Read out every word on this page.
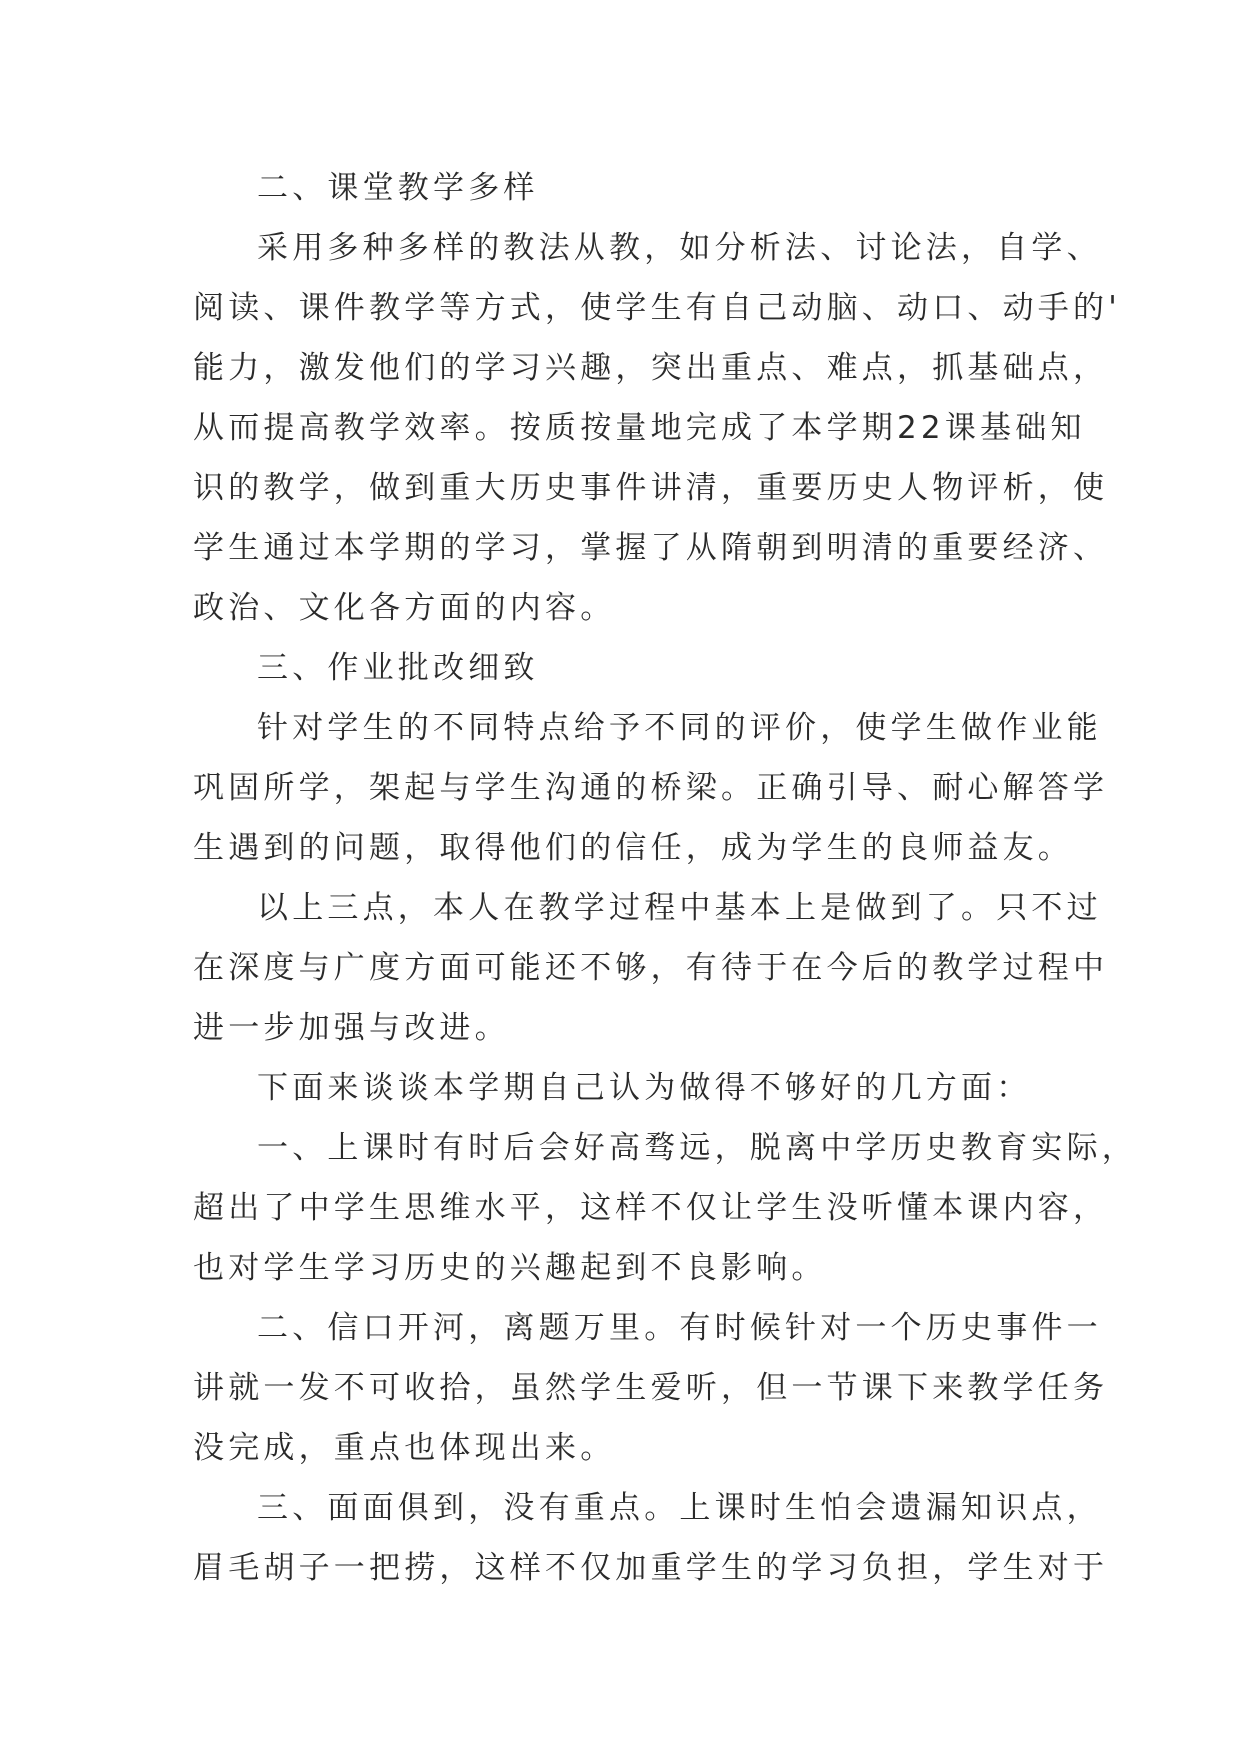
二、课堂教学多样
采用多种多样的教法从教，如分析法、讨论法，自学、
阅读、课件教学等方式，使学生有自己动脑、动口、动手的'
能力，激发他们的学习兴趣，突出重点、难点，抓基础点，
从而提高教学效率。按质按量地完成了本学期22课基础知
识的教学，做到重大历史事件讲清，重要历史人物评析，使
学生通过本学期的学习，掌握了从隋朝到明清的重要经济、
政治、文化各方面的内容。
三、作业批改细致
针对学生的不同特点给予不同的评价，使学生做作业能
巩固所学，架起与学生沟通的桥梁。正确引导、耐心解答学
生遇到的问题，取得他们的信任，成为学生的良师益友。
以上三点，本人在教学过程中基本上是做到了。只不过
在深度与广度方面可能还不够，有待于在今后的教学过程中
进一步加强与改进。
下面来谈谈本学期自己认为做得不够好的几方面：
一、上课时有时后会好高骛远，脱离中学历史教育实际，
超出了中学生思维水平，这样不仅让学生没听懂本课内容，
也对学生学习历史的兴趣起到不良影响。
二、信口开河，离题万里。有时候针对一个历史事件一
讲就一发不可收拾，虽然学生爱听，但一节课下来教学任务
没完成，重点也体现出来。
三、面面俱到，没有重点。上课时生怕会遗漏知识点，
眉毛胡子一把捞，这样不仅加重学生的学习负担，学生对于
